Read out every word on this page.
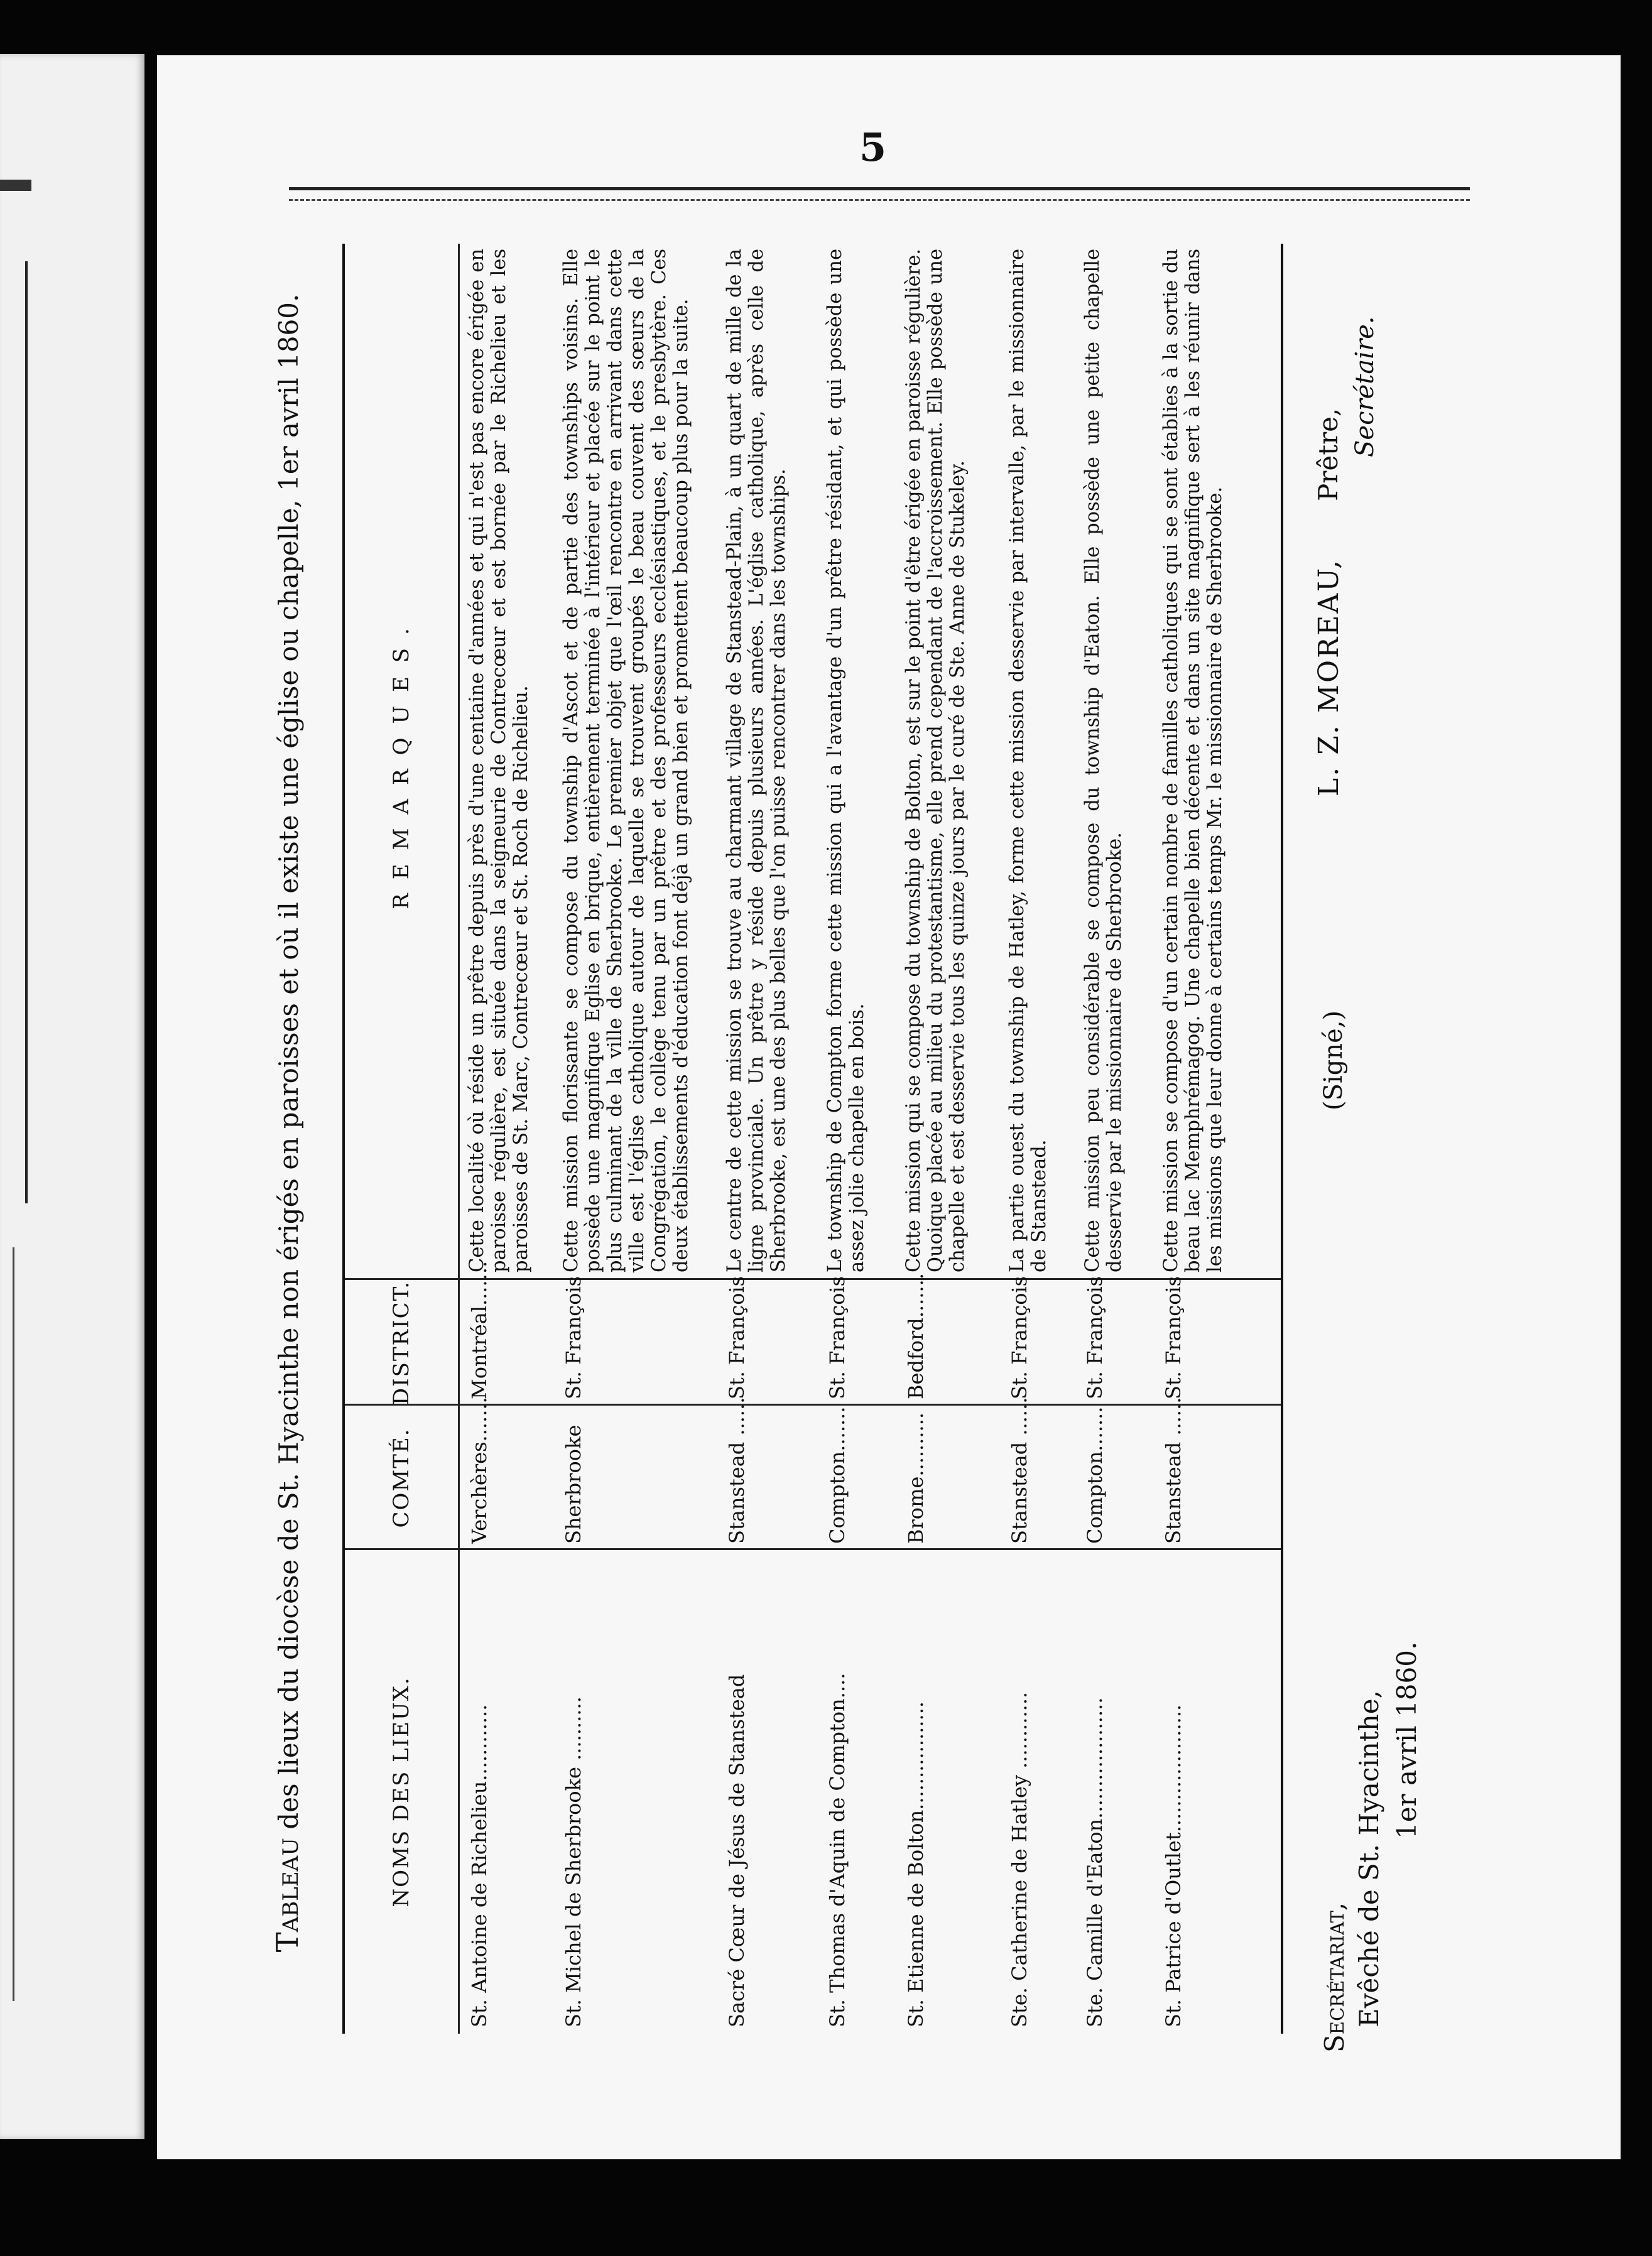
5
Tableau des lieux du diocèse de St. Hyacinthe non érigés en paroisses et où il existe une église ou chapelle, 1er avril 1860.	NOMS DES LIEUX.
COMTÉ.
DISTRICT.
REMARQUES.
St. Antoine de Richelieu............
Verchères.......
Montréal.......
Cette localité où réside un prêtre depuis près d'une centaine d'années et qui n'est pas encore érigée en paroisse régulière, est située dans la seigneurie de Contrecœur et est bornée par le Richelieu et les paroisses de St. Marc, Contrecœur et St. Roch de Richelieu.
St. Michel de Sherbrooke ..........
Sherbrooke
St. François
Cette mission florissante se compose du township d'Ascot et de partie des townships voisins. Elle possède une magnifique Eglise en brique, entièrement terminée à l'intérieur et placée sur le point le plus culminant de la ville de Sherbrooke. Le premier objet que l'œil rencontre en arrivant dans cette ville est l'église catholique autour de laquelle se trouvent groupés le beau couvent des sœurs de la Congrégation, le collège tenu par un prêtre et des professeurs ecclésiastiques, et le presbytère. Ces deux établissements d'éducation font déjà un grand bien et promettent beaucoup plus pour la suite.
Sacré Cœur de Jésus de Stanstead
Stanstead ......
St. François
Le centre de cette mission se trouve au charmant village de Stanstead-Plain, à un quart de mille de la ligne provinciale. Un prêtre y réside depuis plusieurs années. L'église catholique, après celle de Sherbrooke, est une des plus belles que l'on puisse rencontrer dans les townships.
St. Thomas d'Aquin de Compton....
Compton.......
St. François
Le township de Compton forme cette mission qui a l'avantage d'un prêtre résidant, et qui possède une assez jolie chapelle en bois.
St. Etienne de Bolton.................
Brome..........
Bedford.......
Cette mission qui se compose du township de Bolton, est sur le point d'être érigée en paroisse régulière. Quoique placée au milieu du protestantisme, elle prend cependant de l'accroissement. Elle possède une chapelle et est desservie tous les quinze jours par le curé de Ste. Anne de Stukeley.
Ste. Catherine de Hatley ............
Stanstead ......
St. François
La partie ouest du township de Hatley, forme cette mission desservie par intervalle, par le missionnaire de Stanstead.
Ste. Camille d'Eaton...................
Compton.......
St. François
Cette mission peu considérable se compose du township d'Eaton. Elle possède une petite chapelle desservie par le missionnaire de Sherbrooke.
St. Patrice d'Outlet....................
Stanstead ......
St. François
Cette mission se compose d'un certain nombre de familles catholiques qui se sont établies à la sortie du beau lac Memphrémagog. Une chapelle bien décente et dans un site magnifique sert à les réunir dans les missions que leur donne à certains temps Mr. le missionnaire de Sherbrooke.
Secrétariat, Evêché de St. Hyacinthe, 1er avril 1860.
(Signé,)
L. Z. MOREAU,
Prêtre, Secrétaire.
